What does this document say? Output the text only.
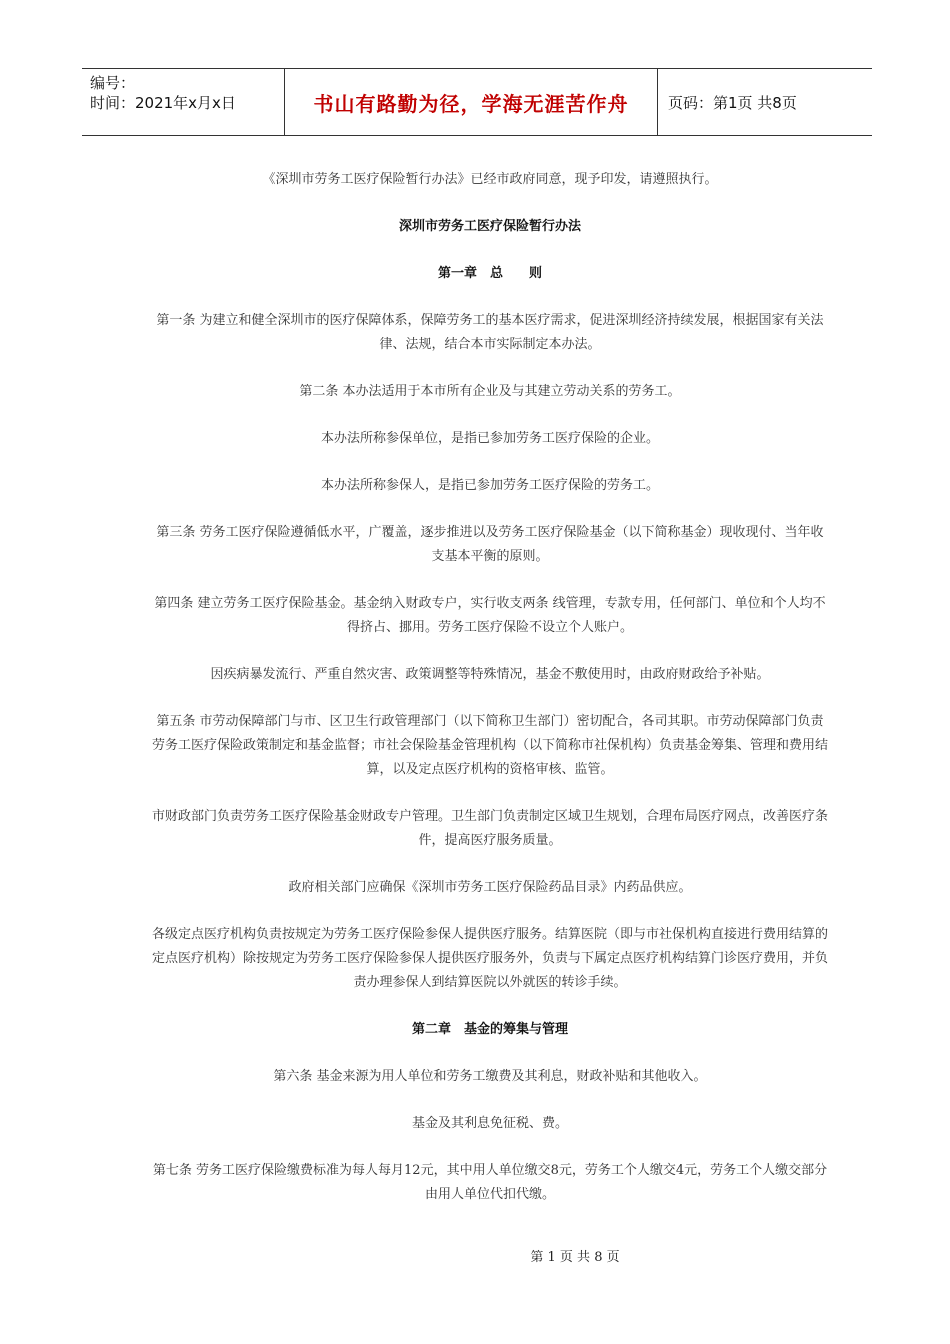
编号：
时间：2021年x月x日	书山有路勤为径，学海无涯苦作舟	页码：第1页 共8页

《深圳市劳务工医疗保险暂行办法》已经市政府同意，现予印发，请遵照执行。

深圳市劳务工医疗保险暂行办法

第一章　总　　则

第一条 为建立和健全深圳市的医疗保障体系，保障劳务工的基本医疗需求，促进深圳经济持续发展，根据国家有关法律、法规，结合本市实际制定本办法。

第二条 本办法适用于本市所有企业及与其建立劳动关系的劳务工。

本办法所称参保单位，是指已参加劳务工医疗保险的企业。

本办法所称参保人，是指已参加劳务工医疗保险的劳务工。

第三条 劳务工医疗保险遵循低水平，广覆盖，逐步推进以及劳务工医疗保险基金（以下简称基金）现收现付、当年收支基本平衡的原则。

第四条 建立劳务工医疗保险基金。基金纳入财政专户，实行收支两条 线管理，专款专用，任何部门、单位和个人均不得挤占、挪用。劳务工医疗保险不设立个人账户。

因疾病暴发流行、严重自然灾害、政策调整等特殊情况，基金不敷使用时，由政府财政给予补贴。

第五条 市劳动保障部门与市、区卫生行政管理部门（以下简称卫生部门）密切配合，各司其职。市劳动保障部门负责劳务工医疗保险政策制定和基金监督；市社会保险基金管理机构（以下简称市社保机构）负责基金筹集、管理和费用结算，以及定点医疗机构的资格审核、监管。

市财政部门负责劳务工医疗保险基金财政专户管理。卫生部门负责制定区域卫生规划，合理布局医疗网点，改善医疗条 件，提高医疗服务质量。

政府相关部门应确保《深圳市劳务工医疗保险药品目录》内药品供应。

各级定点医疗机构负责按规定为劳务工医疗保险参保人提供医疗服务。结算医院（即与市社保机构直接进行费用结算的定点医疗机构）除按规定为劳务工医疗保险参保人提供医疗服务外，负责与下属定点医疗机构结算门诊医疗费用，并负责办理参保人到结算医院以外就医的转诊手续。

第二章　基金的筹集与管理

第六条 基金来源为用人单位和劳务工缴费及其利息，财政补贴和其他收入。

基金及其利息免征税、费。

第七条 劳务工医疗保险缴费标准为每人每月12元，其中用人单位缴交8元，劳务工个人缴交4元，劳务工个人缴交部分由用人单位代扣代缴。

第 1 页 共 8 页
